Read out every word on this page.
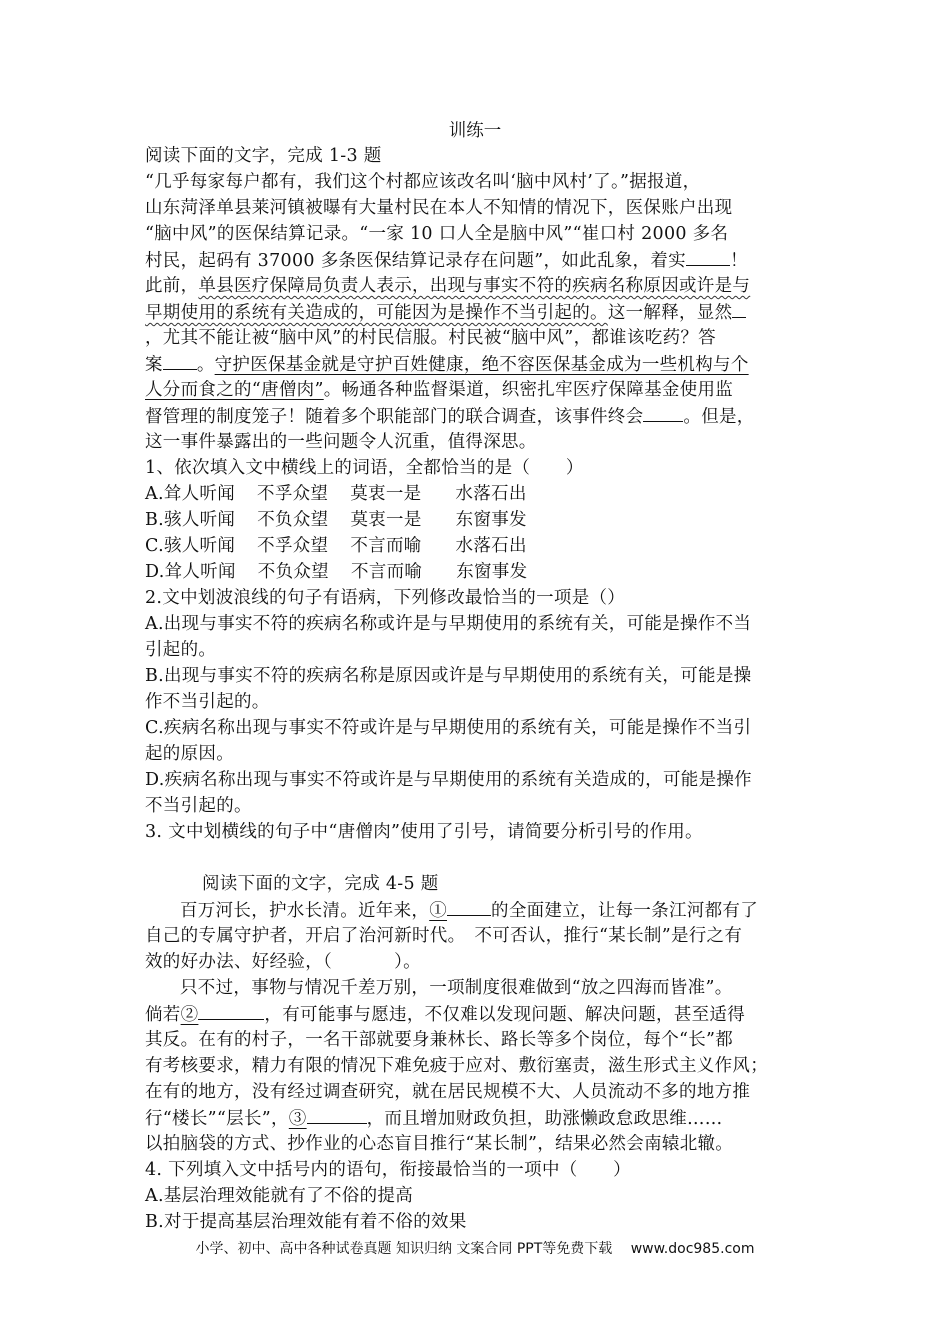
训练一
阅读下面的文字，完成 1-3 题
“几乎每家每户都有，我们这个村都应该改名叫‘脑中风村’了。”据报道，
山东菏泽单县莱河镇被曝有大量村民在本人不知情的情况下，医保账户出现
“脑中风”的医保结算记录。“一家 10 口人全是脑中风”“崔口村 2000 多名
村民，起码有 37000 多条医保结算记录存在问题”，如此乱象，着实	！
此前，单县医疗保障局负责人表示，出现与事实不符的疾病名称原因或许是与
早期使用的系统有关造成的，可能因为是操作不当引起的。这一解释，显然
，尤其不能让被“脑中风”的村民信服。村民被“脑中风”，都谁该吃药？答
案 。守护医保基金就是守护百姓健康，绝不容医保基金成为一些机构与个
人分而食之的“唐僧肉”。畅通各种监督渠道，织密扎牢医疗保障基金使用监
督管理的制度笼子！随着多个职能部门的联合调查，该事件终会 。但是，
这一事件暴露出的一些问题令人沉重，值得深思。
1、依次填入文中横线上的词语，全都恰当的是（　　）
A.耸人听闻 不孚众望 莫衷一是 水落石出
B.骇人听闻 不负众望 莫衷一是 东窗事发
C.骇人听闻 不孚众望 不言而喻 水落石出
D.耸人听闻 不负众望 不言而喻 东窗事发
2.文中划波浪线的句子有语病，下列修改最恰当的一项是（）
A.出现与事实不符的疾病名称或许是与早期使用的系统有关，可能是操作不当
引起的。
B.出现与事实不符的疾病名称是原因或许是与早期使用的系统有关，可能是操
作不当引起的。
C.疾病名称出现与事实不符或许是与早期使用的系统有关，可能是操作不当引
起的原因。
D.疾病名称出现与事实不符或许是与早期使用的系统有关造成的，可能是操作
不当引起的。
3. 文中划横线的句子中“唐僧肉”使用了引号，请简要分析引号的作用。
阅读下面的文字，完成 4-5 题
百万河长，护水长清。近年来，①	的全面建立，让每一条江河都有了
自己的专属守护者，开启了治河新时代。　不可否认，推行“某长制”是行之有
效的好办法、好经验，（	）。
只不过，事物与情况千差万别，一项制度很难做到“放之四海而皆准”。
倘若②	，有可能事与愿违，不仅难以发现问题、解决问题，甚至适得
其反。在有的村子，一名干部就要身兼林长、路长等多个岗位，每个“长”都
有考核要求，精力有限的情况下难免疲于应对、敷衍塞责，滋生形式主义作风；
在有的地方，没有经过调查研究，就在居民规模不大、人员流动不多的地方推
行“楼长”“层长”，③	，而且增加财政负担，助涨懒政怠政思维……
以拍脑袋的方式、抄作业的心态盲目推行“某长制”，结果必然会南辕北辙。
4. 下列填入文中括号内的语句，衔接最恰当的一项中（　　）
A.基层治理效能就有了不俗的提高
B.对于提高基层治理效能有着不俗的效果
小学、初中、高中各种试卷真题 知识归纳 文案合同 PPT等免费下载　 www.doc985.com
